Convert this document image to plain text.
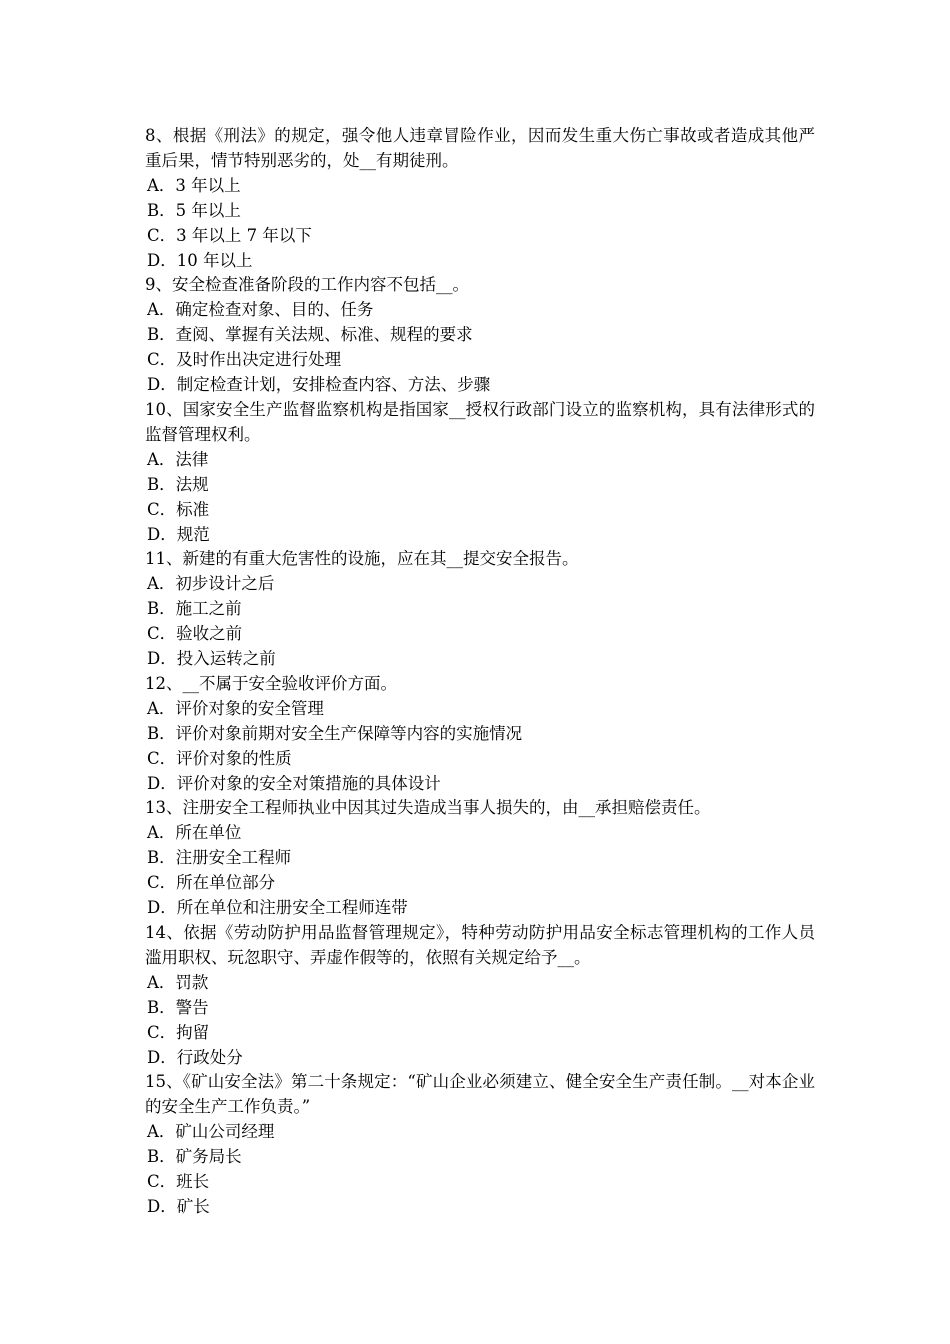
8、根据《刑法》的规定，强令他人违章冒险作业，因而发生重大伤亡事故或者造成其他严重后果，情节特别恶劣的，处__有期徒刑。

A．3 年以上

B．5 年以上

C．3 年以上 7 年以下

D．10 年以上

9、安全检查准备阶段的工作内容不包括__。

A．确定检查对象、目的、任务

B．查阅、掌握有关法规、标准、规程的要求

C．及时作出决定进行处理

D．制定检查计划，安排检查内容、方法、步骤

10、国家安全生产监督监察机构是指国家__授权行政部门设立的监察机构，具有法律形式的监督管理权利。

A．法律

B．法规

C．标准

D．规范

11、新建的有重大危害性的设施，应在其__提交安全报告。

A．初步设计之后

B．施工之前

C．验收之前

D．投入运转之前

12、__不属于安全验收评价方面。

A．评价对象的安全管理

B．评价对象前期对安全生产保障等内容的实施情况

C．评价对象的性质

D．评价对象的安全对策措施的具体设计

13、注册安全工程师执业中因其过失造成当事人损失的，由__承担赔偿责任。

A．所在单位

B．注册安全工程师

C．所在单位部分

D．所在单位和注册安全工程师连带

14、依据《劳动防护用品监督管理规定》，特种劳动防护用品安全标志管理机构的工作人员滥用职权、玩忽职守、弄虚作假等的，依照有关规定给予__。

A．罚款

B．警告

C．拘留

D．行政处分

15、《矿山安全法》第二十条规定：“矿山企业必须建立、健全安全生产责任制。__对本企业的安全生产工作负责。”

A．矿山公司经理

B．矿务局长

C．班长

D．矿长
